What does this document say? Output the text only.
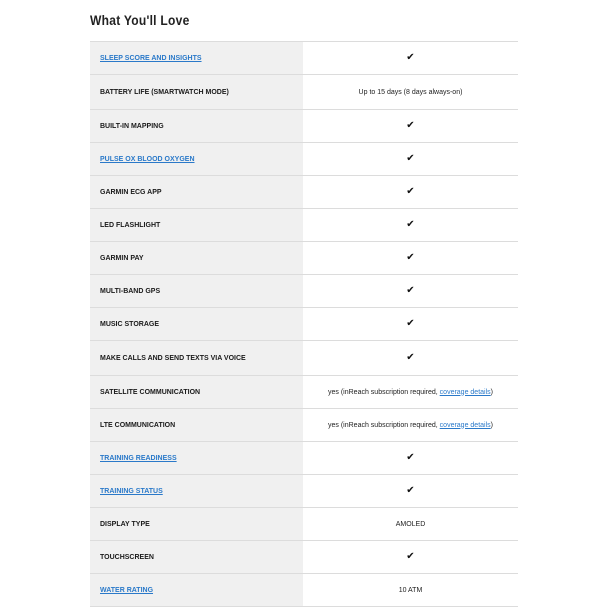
What You'll Love
SLEEP SCORE AND INSIGHTS	✔
BATTERY LIFE (SMARTWATCH MODE)	Up to 15 days (8 days always-on)
BUILT-IN MAPPING	✔
PULSE OX BLOOD OXYGEN	✔
GARMIN ECG APP	✔
LED FLASHLIGHT	✔
GARMIN PAY	✔
MULTI-BAND GPS	✔
MUSIC STORAGE	✔
MAKE CALLS AND SEND TEXTS VIA VOICE	✔
SATELLITE COMMUNICATION	yes (inReach subscription required, coverage details)
LTE COMMUNICATION	yes (inReach subscription required, coverage details)
TRAINING READINESS	✔
TRAINING STATUS	✔
DISPLAY TYPE	AMOLED
TOUCHSCREEN	✔
WATER RATING	10 ATM
